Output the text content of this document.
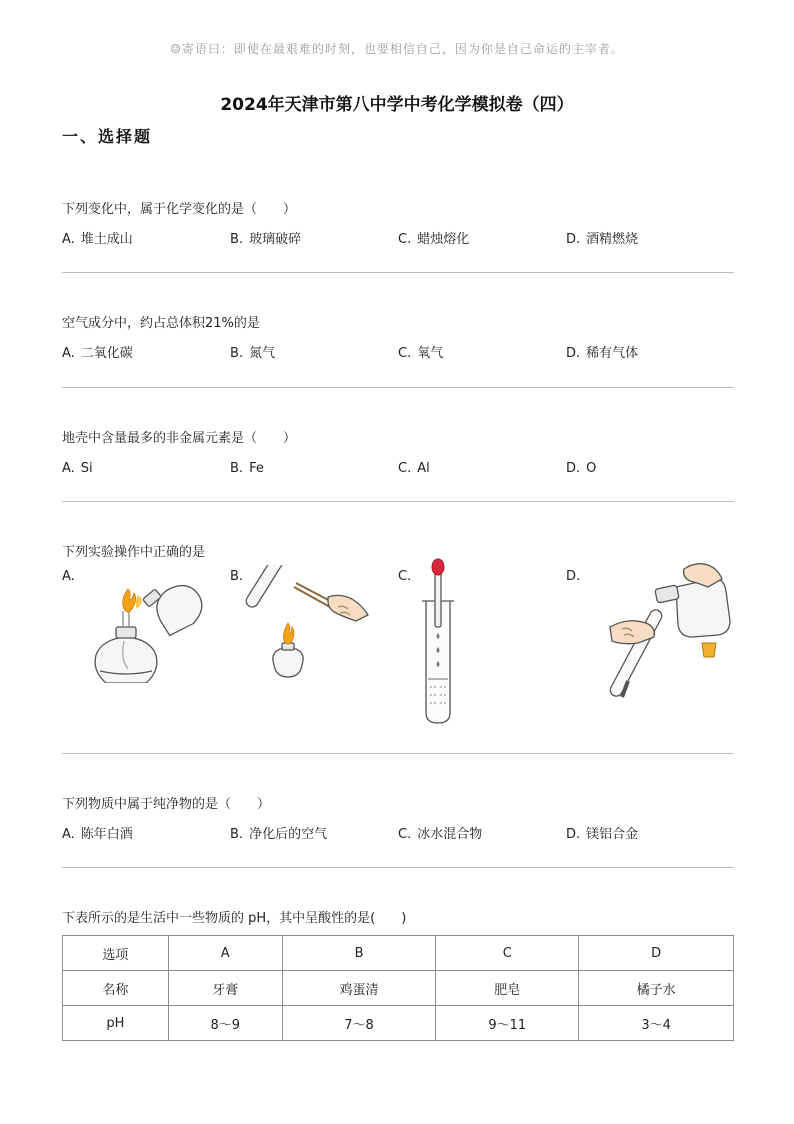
☺寄语曰：即使在最艰难的时刻，也要相信自己，因为你是自己命运的主宰者。
2024年天津市第八中学中考化学模拟卷（四）
一、选择题
下列变化中，属于化学变化的是（　　）
A. 堆土成山	B. 玻璃破碎	C. 蜡烛熔化	D. 酒精燃烧
空气成分中，约占总体积21%的是
A. 二氧化碳	B. 氮气	C. 氧气	D. 稀有气体
地壳中含量最多的非金属元素是（　　）
A. Si	B. Fe	C. Al	D. O
下列实验操作中正确的是
A.	B.	C.	D.
下列物质中属于纯净物的是（　　）
A. 陈年白酒	B. 净化后的空气	C. 冰水混合物	D. 镁铝合金
下表所示的是生活中一些物质的 pH，其中呈酸性的是(　　)
选项	A	B	C	D
名称	牙膏	鸡蛋清	肥皂	橘子水
pH	8～9	7～8	9～11	3～4
